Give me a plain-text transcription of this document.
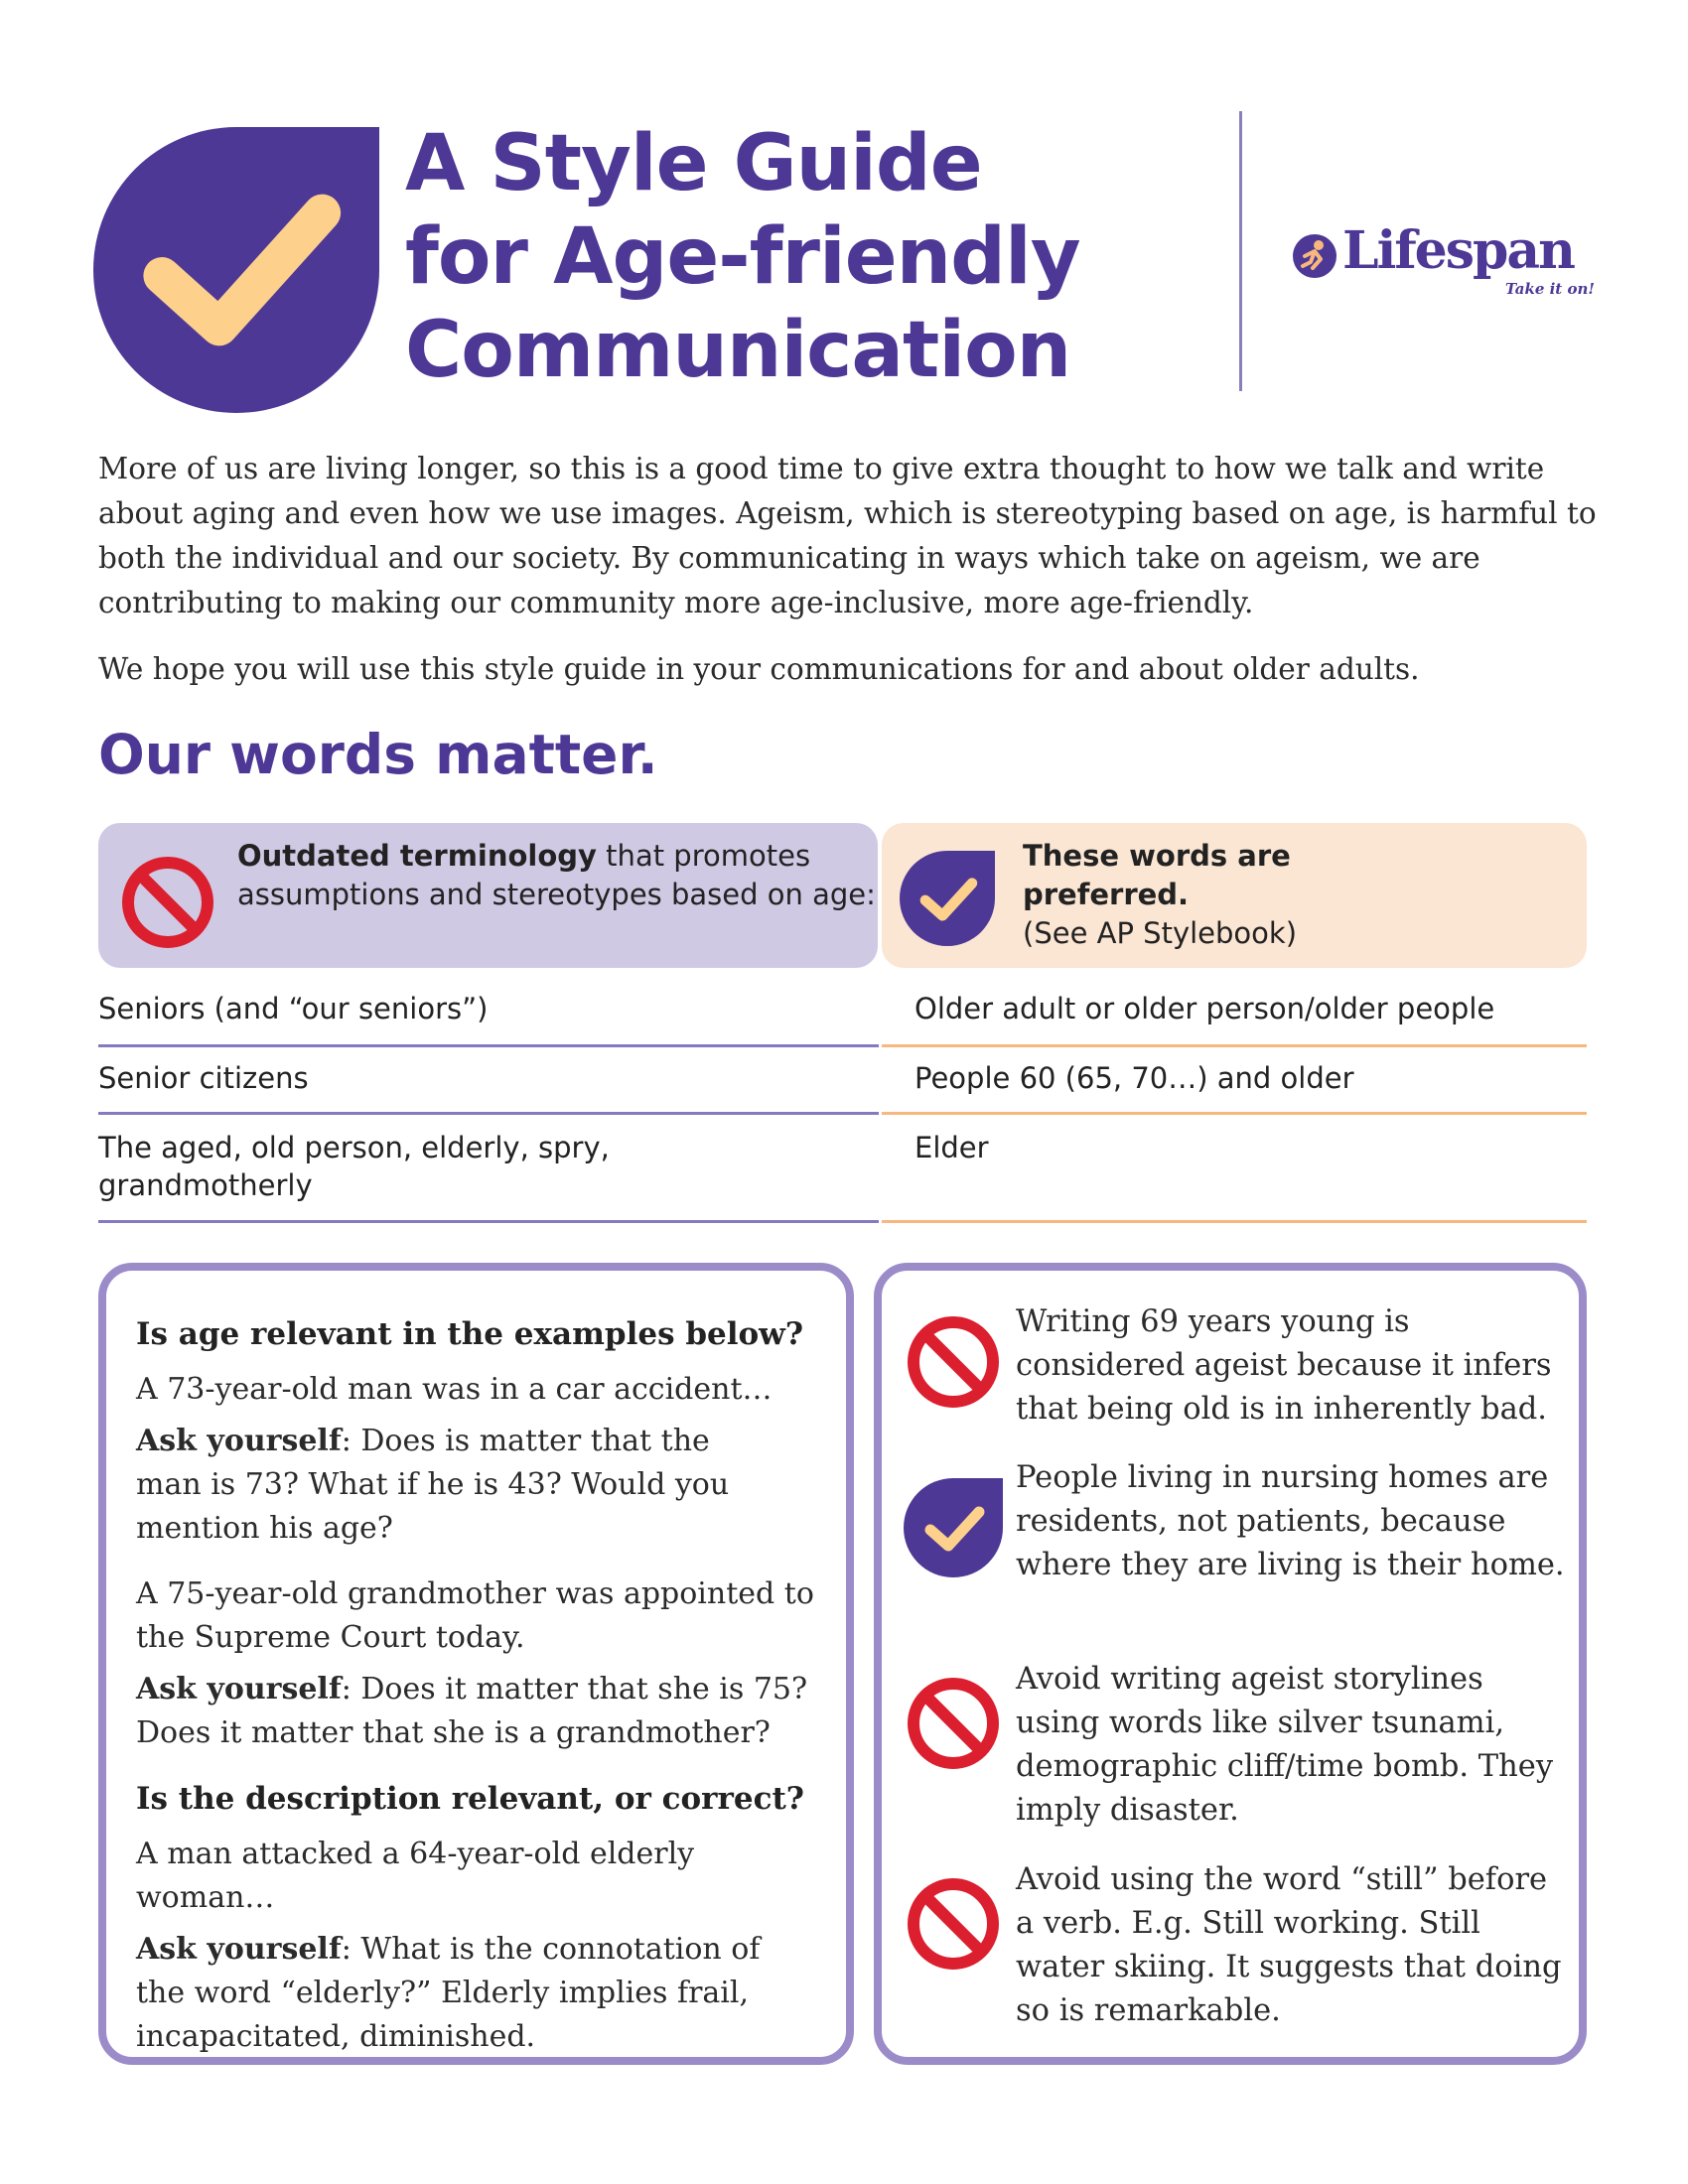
A Style Guide
for Age-friendly
Communication
Lifespan
Take it on!

More of us are living longer, so this is a good time to give extra thought to how we talk and write about aging and even how we use images. Ageism, which is stereotyping based on age, is harmful to both the individual and our society. By communicating in ways which take on ageism, we are contributing to making our community more age-inclusive, more age-friendly.

We hope you will use this style guide in your communications for and about older adults.

Our words matter.
Outdated terminology that promotes assumptions and stereotypes based on age:
These words are preferred.
(See AP Stylebook)
Seniors (and “our seniors”)	Older adult or older person/older people
Senior citizens	People 60 (65, 70…) and older
The aged, old person, elderly, spry, grandmotherly
Elder
Is age relevant in the examples below?

A 73-year-old man was in a car accident…

Ask yourself: Does is matter that the man is 73? What if he is 43? Would you mention his age?

A 75-year-old grandmother was appointed to the Supreme Court today.

Ask yourself: Does it matter that she is 75? Does it matter that she is a grandmother?

Is the description relevant, or correct?

A man attacked a 64-year-old elderly woman…

Ask yourself: What is the connotation of the word “elderly?” Elderly implies frail, incapacitated, diminished.

Writing 69 years young is considered ageist because it infers that being old is in inherently bad.
People living in nursing homes are residents, not patients, because where they are living is their home.
Avoid writing ageist storylines using words like silver tsunami, demographic cliff/time bomb. They imply disaster.
Avoid using the word “still” before a verb. E.g. Still working. Still water skiing. It suggests that doing so is remarkable.
